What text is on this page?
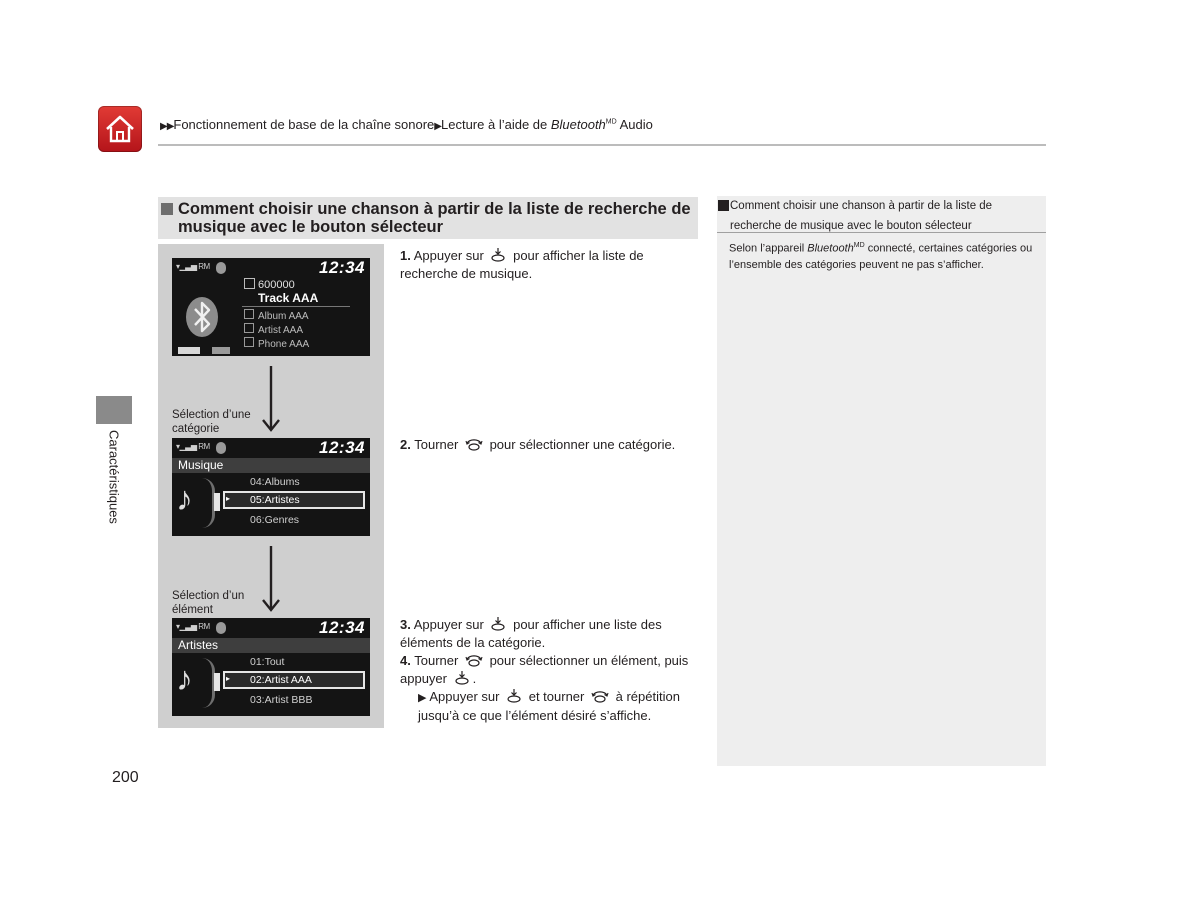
▶▶Fonctionnement de base de la chaîne sonore▶Lecture à l’aide de Bluetooth$^{MD}$ Audio
Caractéristiques
Comment choisir une chanson à partir de la liste de recherche de musique avec le bouton sélecteur
▾▁▃▅ RM	12:34
600000
Track AAA
Album AAA
Artist AAA
Phone AAA
Sélection d’une catégorie
▾▁▃▅ RM	12:34
Musique
♪	04:Albums
▸ 05:Artistes
06:Genres
Sélection d’un élément
▾▁▃▅ RM	12:34
Artistes
♪	01:Tout
▸ 02:Artist AAA
03:Artist BBB
1. Appuyer sur pour afficher la liste de recherche de musique.
2. Tourner pour sélectionner une catégorie.
3. Appuyer sur pour afficher une liste des éléments de la catégorie.
4. Tourner pour sélectionner un élément, puis appuyer .
▶ Appuyer sur et tourner à répétition jusqu’à ce que l’élément désiré s’affiche.
Comment choisir une chanson à partir de la liste de recherche de musique avec le bouton sélecteur
Selon l’appareil Bluetooth$^{MD}$ connecté, certaines catégories ou l’ensemble des catégories peuvent ne pas s’afficher.
200
